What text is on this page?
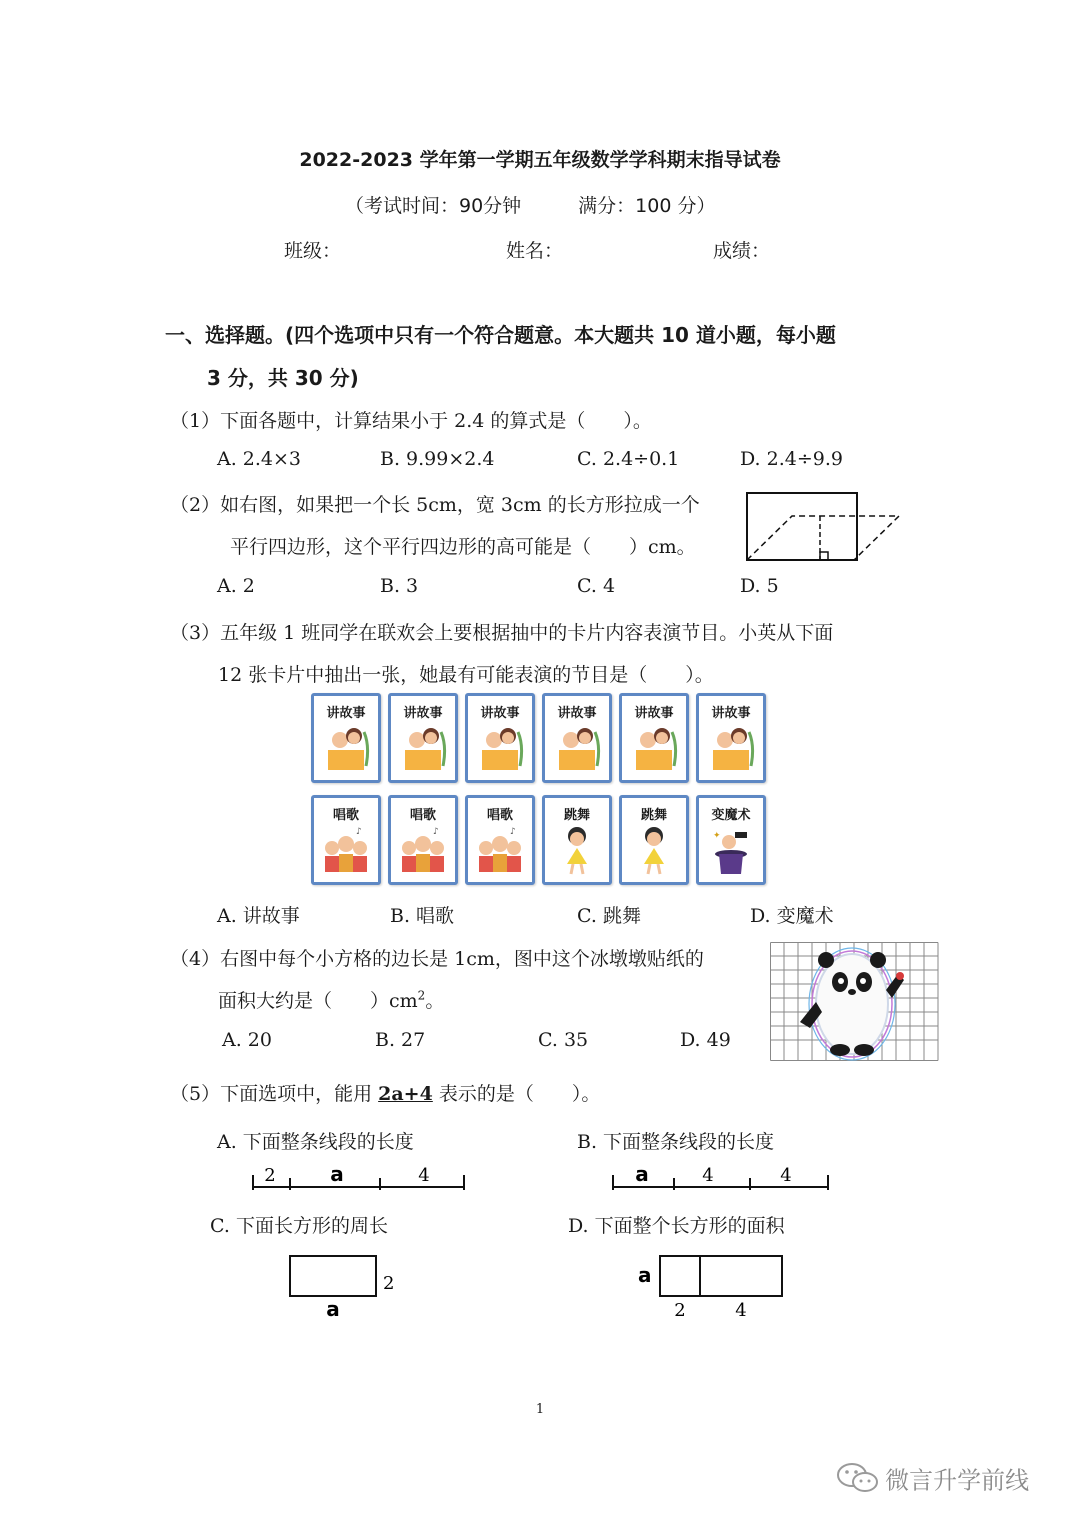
2022-2023 学年第一学期五年级数学学科期末指导试卷
（考试时间：90分钟　　　满分：100 分）
班级：	姓名：	成绩：
一、选择题。(四个选项中只有一个符合题意。本大题共 10 道小题，每小题
3 分，共 30 分)
（1）下面各题中，计算结果小于 2.4 的算式是（　　）。
A. 2.4×3	B. 9.99×2.4	C. 2.4÷0.1	D. 2.4÷9.9
（2）如右图，如果把一个长 5cm，宽 3cm 的长方形拉成一个
平行四边形，这个平行四边形的高可能是（　　）cm。
A. 2	B. 3	C. 4	D. 5
（3）五年级 1 班同学在联欢会上要根据抽中的卡片内容表演节目。小英从下面
12 张卡片中抽出一张，她最有可能表演的节目是（　　）。
讲故事	讲故事	讲故事	讲故事	讲故事	讲故事
唱歌
♪
唱歌
♪
唱歌
♪
跳舞	跳舞	变魔术
✦
A. 讲故事	B. 唱歌	C. 跳舞	D. 变魔术
（4）右图中每个小方格的边长是 1cm，图中这个冰墩墩贴纸的
面积大约是（　　）$cm^2$。
A. 20	B. 27	C. 35	D. 49
（5）下面选项中，能用 2a+4 表示的是（　　）。
A. 下面整条线段的长度	B. 下面整条线段的长度
2	a	4	a	4	4
C. 下面长方形的周长	D. 下面整个长方形的面积
2
a
a
2	4
1
微言升学前线
